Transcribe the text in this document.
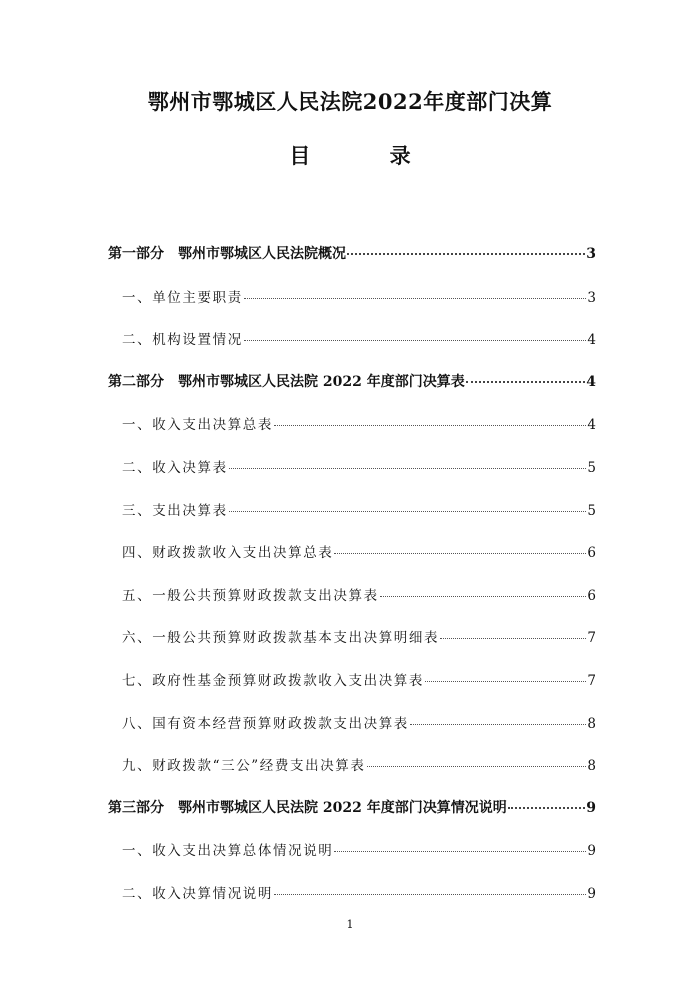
鄂州市鄂城区人民法院2022年度部门决算
目 录
第一部分　鄂州市鄂城区人民法院概况	3
一、单位主要职责	3
二、机构设置情况	4
第二部分　鄂州市鄂城区人民法院 2022 年度部门决算表	4
一、收入支出决算总表	4
二、收入决算表	5
三、支出决算表	5
四、财政拨款收入支出决算总表	6
五、一般公共预算财政拨款支出决算表	6
六、一般公共预算财政拨款基本支出决算明细表	7
七、政府性基金预算财政拨款收入支出决算表	7
八、国有资本经营预算财政拨款支出决算表	8
九、财政拨款“三公”经费支出决算表	8
第三部分　鄂州市鄂城区人民法院 2022 年度部门决算情况说明	9
一、收入支出决算总体情况说明	9
二、收入决算情况说明	9
1
